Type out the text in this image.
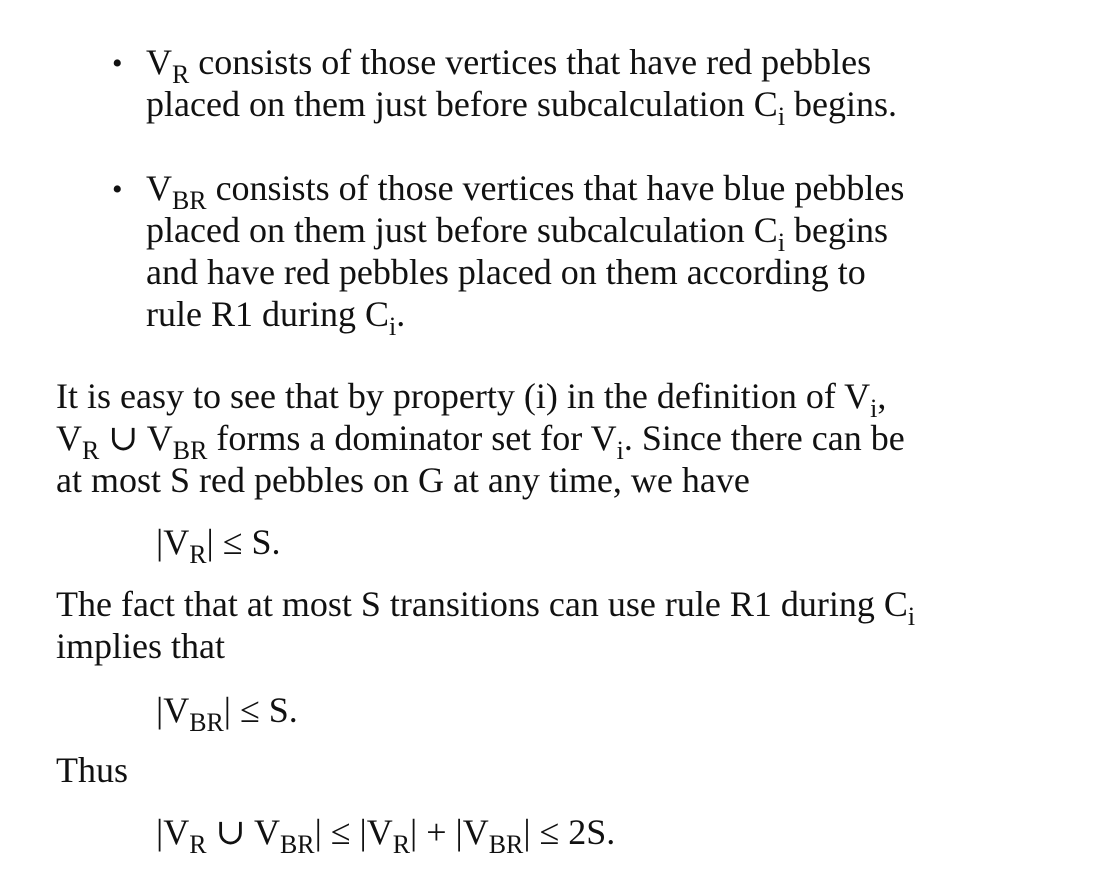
• $V_R$ consists of those vertices that have red pebbles
placed on them just before subcalculation $C_i$ begins.
• $V_{BR}$ consists of those vertices that have blue pebbles
placed on them just before subcalculation $C_i$ begins
and have red pebbles placed on them according to
rule R1 during $C_i$.
It is easy to see that by property (i) in the definition of $V_i$,
$V_R$ ∪ $V_{BR}$ forms a dominator set for $V_i$. Since there can be
at most S red pebbles on G at any time, we have
$|V_R| \le S$.
The fact that at most S transitions can use rule R1 during $C_i$
implies that
$|V_{BR}| \le S$.
Thus
$|V_R$ ∪ $V_{BR}| \le |V_R| + |V_{BR}| \le 2S$.
